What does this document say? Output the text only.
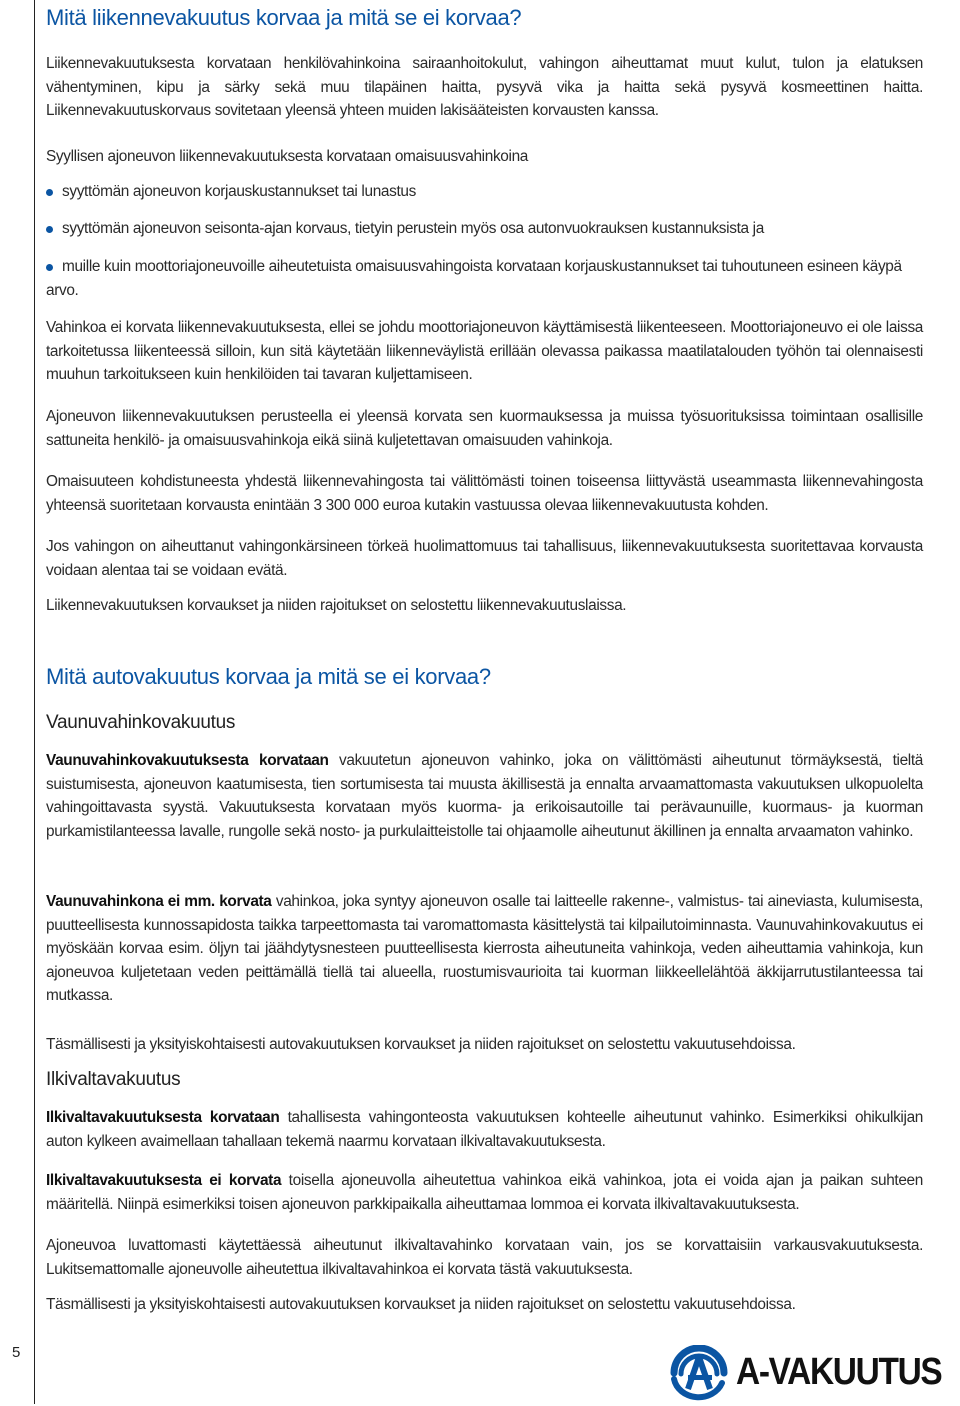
Mitä liikennevakuutus korvaa ja mitä se ei korvaa?

Liikennevakuutuksesta korvataan henkilövahinkoina sairaanhoitokulut, vahingon aiheuttamat muut kulut, tulon ja elatuksen vähentyminen, kipu ja särky sekä muu tilapäinen haitta, pysyvä vika ja haitta sekä pysyvä kosmeettinen haitta. Liikennevakuutuskorvaus sovitetaan yleensä yhteen muiden lakisääteisten korvausten kanssa.

Syyllisen ajoneuvon liikennevakuutuksesta korvataan omaisuusvahinkoina

syyttömän ajoneuvon korjauskustannukset tai lunastus
syyttömän ajoneuvon seisonta-ajan korvaus, tietyin perustein myös osa autonvuokrauksen kustannuksista ja
muille kuin moottoriajoneuvoille aiheutetuista omaisuusvahingoista korvataan korjauskustannukset tai tuhoutuneen esineen käypä arvo.

Vahinkoa ei korvata liikennevakuutuksesta, ellei se johdu moottoriajoneuvon käyttämisestä liikenteeseen. Moottoriajoneuvo ei ole laissa tarkoitetussa liikenteessä silloin, kun sitä käytetään liikenneväylistä erillään olevassa paikassa maatilatalouden työhön tai olennaisesti muuhun tarkoitukseen kuin henkilöiden tai tavaran kuljettamiseen.

Ajoneuvon liikennevakuutuksen perusteella ei yleensä korvata sen kuormauksessa ja muissa työsuorituksissa toimintaan osallisille sattuneita henkilö- ja omaisuusvahinkoja eikä siinä kuljetettavan omaisuuden vahinkoja.

Omaisuuteen kohdistuneesta yhdestä liikennevahingosta tai välittömästi toinen toiseensa liittyvästä useammasta liikennevahingosta yhteensä suoritetaan korvausta enintään 3 300 000 euroa kutakin vastuussa olevaa liikennevakuutusta kohden.

Jos vahingon on aiheuttanut vahingonkärsineen törkeä huolimattomuus tai tahallisuus, liikennevakuutuksesta suoritettavaa korvausta voidaan alentaa tai se voidaan evätä.

Liikennevakuutuksen korvaukset ja niiden rajoitukset on selostettu liikennevakuutuslaissa.

Mitä autovakuutus korvaa ja mitä se ei korvaa?
Vaunuvahinkovakuutus

Vaunuvahinkovakuutuksesta korvataan vakuutetun ajoneuvon vahinko, joka on välittömästi aiheutunut törmäyksestä, tieltä suistumisesta, ajoneuvon kaatumisesta, tien sortumisesta tai muusta äkillisestä ja ennalta arvaamattomasta vakuutuksen ulkopuolelta vahingoittavasta syystä. Vakuutuksesta korvataan myös kuorma- ja erikoisautoille tai perävaunuille, kuormaus- ja kuorman purkamistilanteessa lavalle, rungolle sekä nosto- ja purkulaitteistolle tai ohjaamolle aiheutunut äkillinen ja ennalta arvaamaton vahinko.

Vaunuvahinkona ei mm. korvata vahinkoa, joka syntyy ajoneuvon osalle tai laitteelle rakenne-, valmistus- tai aineviasta, kulumisesta, puutteellisesta kunnossapidosta taikka tarpeettomasta tai varomattomasta käsittelystä tai kilpailutoiminnasta. Vaunuvahinkovakuutus ei myöskään korvaa esim. öljyn tai jäähdytysnesteen puutteellisesta kierrosta aiheutuneita vahinkoja, veden aiheuttamia vahinkoja, kun ajoneuvoa kuljetetaan veden peittämällä tiellä tai alueella, ruostumisvaurioita tai kuorman liikkeellelähtöä äkkijarrutustilanteessa tai mutkassa.

Täsmällisesti ja yksityiskohtaisesti autovakuutuksen korvaukset ja niiden rajoitukset on selostettu vakuutusehdoissa.

Ilkivaltavakuutus

Ilkivaltavakuutuksesta korvataan tahallisesta vahingonteosta vakuutuksen kohteelle aiheutunut vahinko. Esimerkiksi ohikulkijan auton kylkeen avaimellaan tahallaan tekemä naarmu korvataan ilkivaltavakuutuksesta.

Ilkivaltavakuutuksesta ei korvata toisella ajoneuvolla aiheutettua vahinkoa eikä vahinkoa, jota ei voida ajan ja paikan suhteen määritellä. Niinpä esimerkiksi toisen ajoneuvon parkkipaikalla aiheuttamaa lommoa ei korvata ilkivaltavakuutuksesta.

Ajoneuvoa luvattomasti käytettäessä aiheutunut ilkivaltavahinko korvataan vain, jos se korvattaisiin varkausvakuutuksesta. Lukitsemattomalle ajoneuvolle aiheutettua ilkivaltavahinkoa ei korvata tästä vakuutuksesta.

Täsmällisesti ja yksityiskohtaisesti autovakuutuksen korvaukset ja niiden rajoitukset on selostettu vakuutusehdoissa.

5	A-VAKUUTUS
